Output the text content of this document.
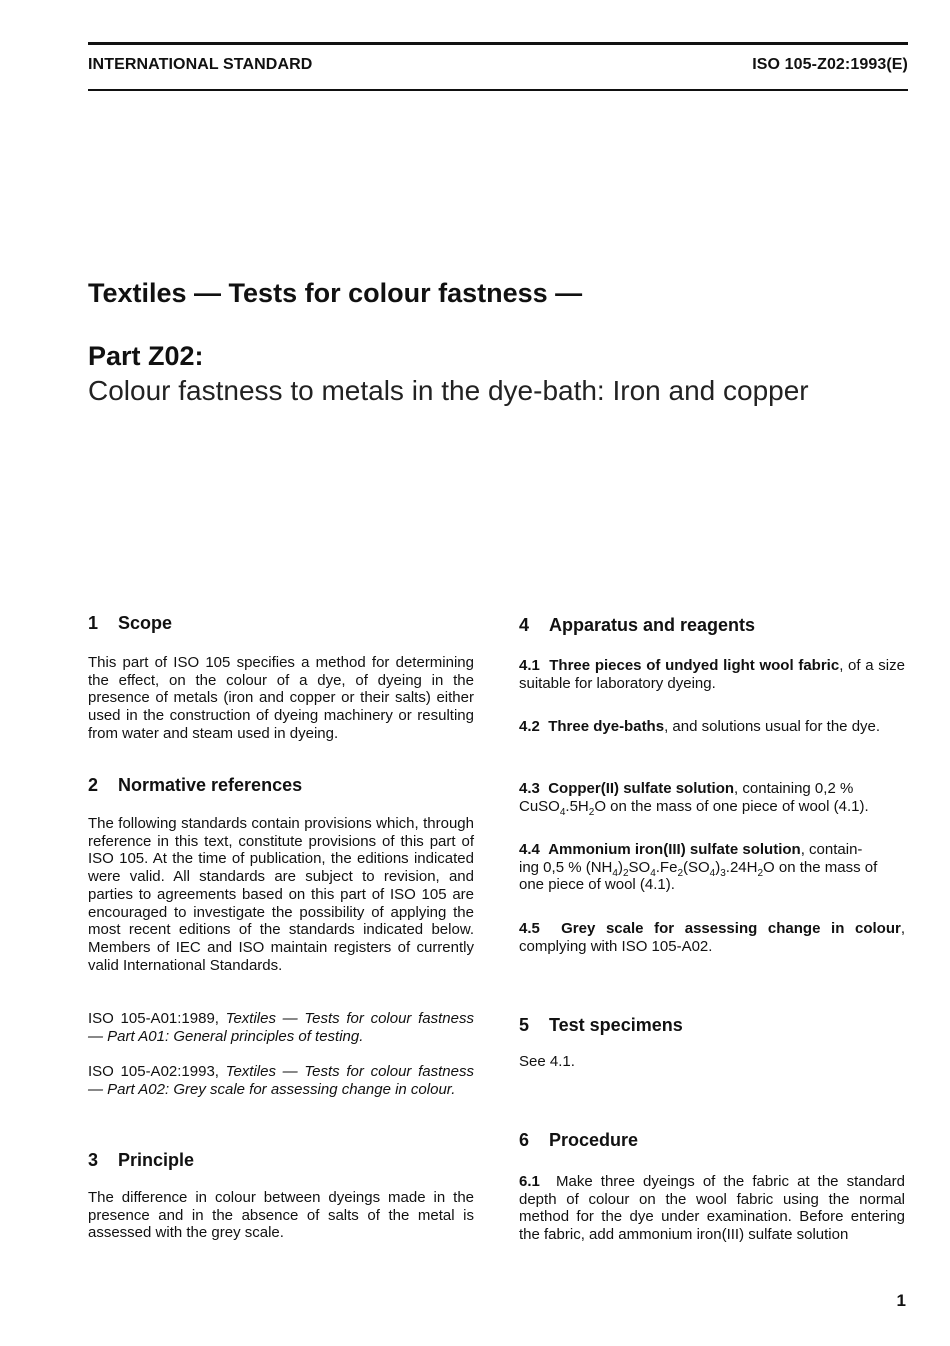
INTERNATIONAL STANDARD	ISO 105-Z02:1993(E)
Textiles — Tests for colour fastness —
Part Z02:
Colour fastness to metals in the dye-bath: Iron and copper
1 Scope

This part of ISO 105 specifies a method for determining the effect, on the colour of a dye, of dyeing in the presence of metals (iron and copper or their salts) either used in the construction of dyeing machinery or resulting from water and steam used in dyeing.

2 Normative references

The following standards contain provisions which, through reference in this text, constitute provisions of this part of ISO 105. At the time of publication, the editions indicated were valid. All standards are subject to revision, and parties to agreements based on this part of ISO 105 are encouraged to investigate the possibility of applying the most recent editions of the standards indicated below. Members of IEC and ISO maintain registers of currently valid International Standards.

ISO 105-A01:1989, Textiles — Tests for colour fastness — Part A01: General principles of testing.

ISO 105-A02:1993, Textiles — Tests for colour fastness — Part A02: Grey scale for assessing change in colour.

3 Principle

The difference in colour between dyeings made in the presence and in the absence of salts of the metal is assessed with the grey scale.

4 Apparatus and reagents

4.1 Three pieces of undyed light wool fabric, of a size suitable for laboratory dyeing.

4.2 Three dye-baths, and solutions usual for the dye.

4.3 Copper(II) sulfate solution, containing 0,2 %
$CuSO_4.5H_2O$ on the mass of one piece of wool (4.1).

4.4 Ammonium iron(III) sulfate solution, contain-
ing 0,5 % $(NH_4)_2SO_4.Fe_2(SO_4)_3.24H_2O$ on the mass of
one piece of wool (4.1).

4.5 Grey scale for assessing change in colour, complying with ISO 105-A02.

5 Test specimens

See 4.1.

6 Procedure

6.1 Make three dyeings of the fabric at the standard depth of colour on the wool fabric using the normal method for the dye under examination. Before entering the fabric, add ammonium iron(III) sulfate solution

1
